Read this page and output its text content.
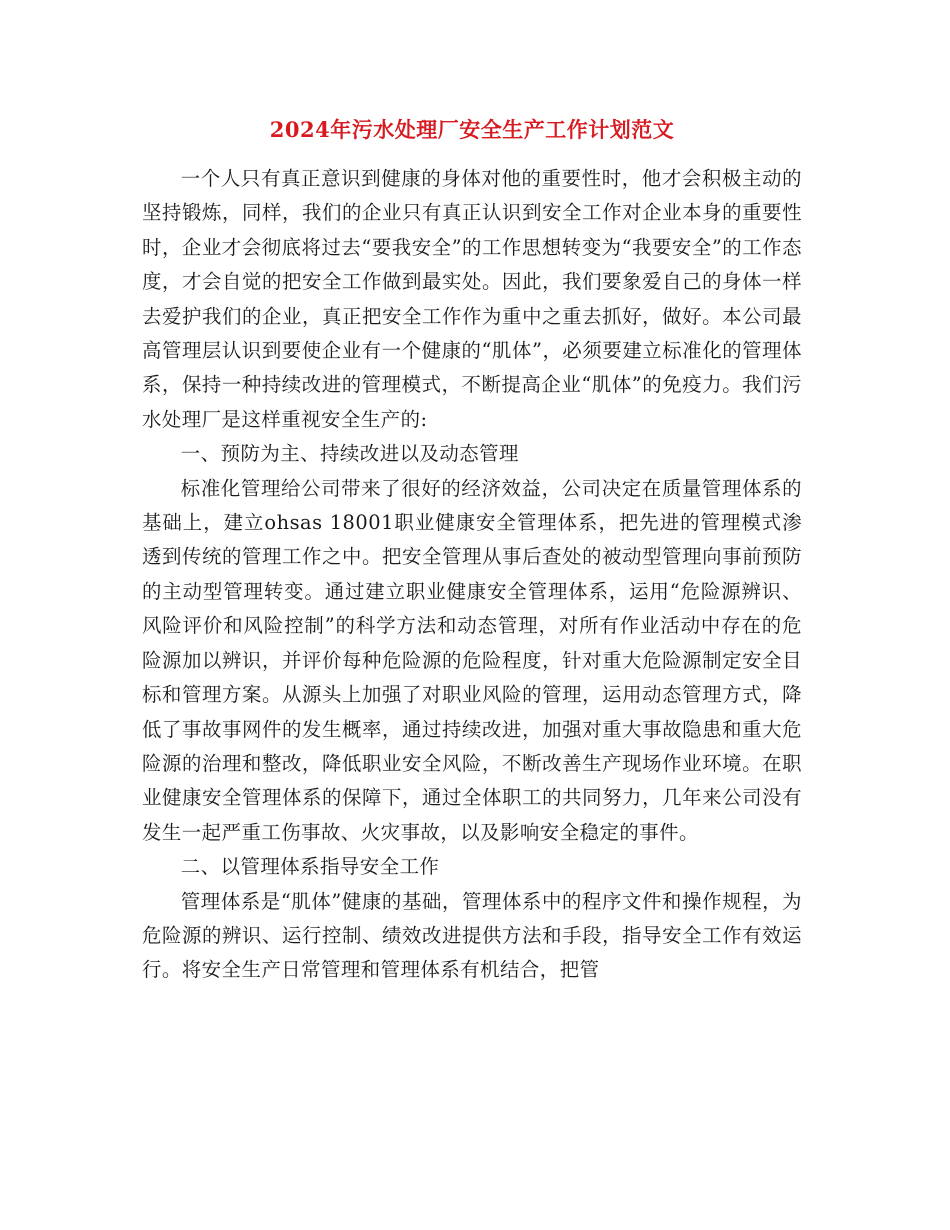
2024年污水处理厂安全生产工作计划范文

一个人只有真正意识到健康的身体对他的重要性时，他才会积极主动的坚持锻炼，同样，我们的企业只有真正认识到安全工作对企业本身的重要性时，企业才会彻底将过去“要我安全”的工作思想转变为“我要安全”的工作态度，才会自觉的把安全工作做到最实处。因此，我们要象爱自己的身体一样去爱护我们的企业，真正把安全工作作为重中之重去抓好，做好。本公司最高管理层认识到要使企业有一个健康的“肌体”，必须要建立标准化的管理体系，保持一种持续改进的管理模式，不断提高企业“肌体”的免疫力。我们污水处理厂是这样重视安全生产的:

一、预防为主、持续改进以及动态管理

标准化管理给公司带来了很好的经济效益，公司决定在质量管理体系的基础上，建立ohsas 18001职业健康安全管理体系，把先进的管理模式渗透到传统的管理工作之中。把安全管理从事后查处的被动型管理向事前预防的主动型管理转变。通过建立职业健康安全管理体系，运用“危险源辨识、风险评价和风险控制”的科学方法和动态管理，对所有作业活动中存在的危险源加以辨识，并评价每种危险源的危险程度，针对重大危险源制定安全目标和管理方案。从源头上加强了对职业风险的管理，运用动态管理方式，降低了事故事网件的发生概率，通过持续改进，加强对重大事故隐患和重大危险源的治理和整改，降低职业安全风险，不断改善生产现场作业环境。在职业健康安全管理体系的保障下，通过全体职工的共同努力，几年来公司没有发生一起严重工伤事故、火灾事故，以及影响安全稳定的事件。

二、以管理体系指导安全工作

管理体系是“肌体”健康的基础，管理体系中的程序文件和操作规程，为危险源的辨识、运行控制、绩效改进提供方法和手段，指导安全工作有效运行。将安全生产日常管理和管理体系有机结合，把管
